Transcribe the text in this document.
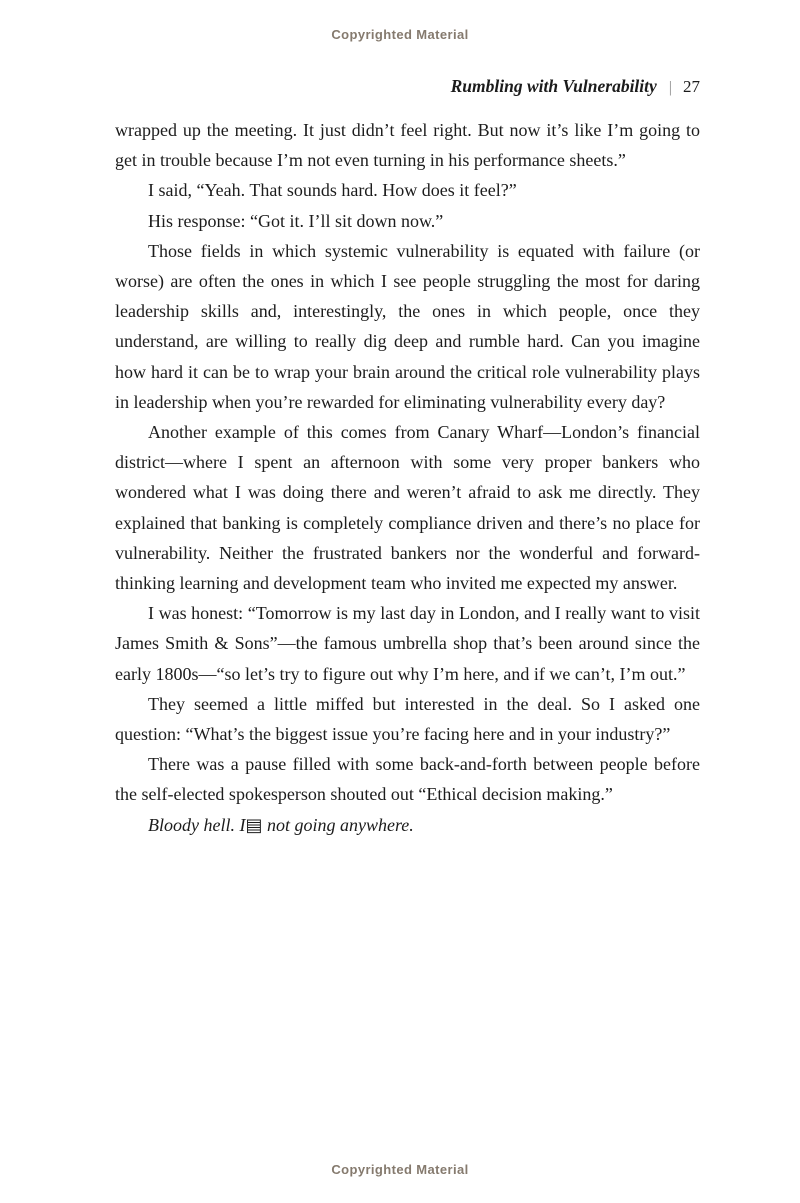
Copyrighted Material
Rumbling with Vulnerability | 27

wrapped up the meeting. It just didn’t feel right. But now it’s like I’m going to get in trouble because I’m not even turning in his performance sheets.”

I said, “Yeah. That sounds hard. How does it feel?”

His response: “Got it. I’ll sit down now.”

Those fields in which systemic vulnerability is equated with failure (or worse) are often the ones in which I see people struggling the most for daring leadership skills and, interestingly, the ones in which people, once they understand, are willing to really dig deep and rumble hard. Can you imagine how hard it can be to wrap your brain around the critical role vulnerability plays in leadership when you’re rewarded for eliminating vulnerability every day?

Another example of this comes from Canary Wharf—London’s financial district—where I spent an afternoon with some very proper bankers who wondered what I was doing there and weren’t afraid to ask me directly. They explained that banking is completely compliance driven and there’s no place for vulnerability. Neither the frustrated bankers nor the wonderful and forward-thinking learning and development team who invited me expected my answer.

I was honest: “Tomorrow is my last day in London, and I really want to visit James Smith & Sons”—the famous umbrella shop that’s been around since the early 1800s—“so let’s try to figure out why I’m here, and if we can’t, I’m out.”

They seemed a little miffed but interested in the deal. So I asked one question: “What’s the biggest issue you’re facing here and in your industry?”

There was a pause filled with some back-and-forth between people before the self-elected spokesperson shouted out “Ethical decision making.”

Bloody hell. I▤ not going anywhere.

Copyrighted Material
